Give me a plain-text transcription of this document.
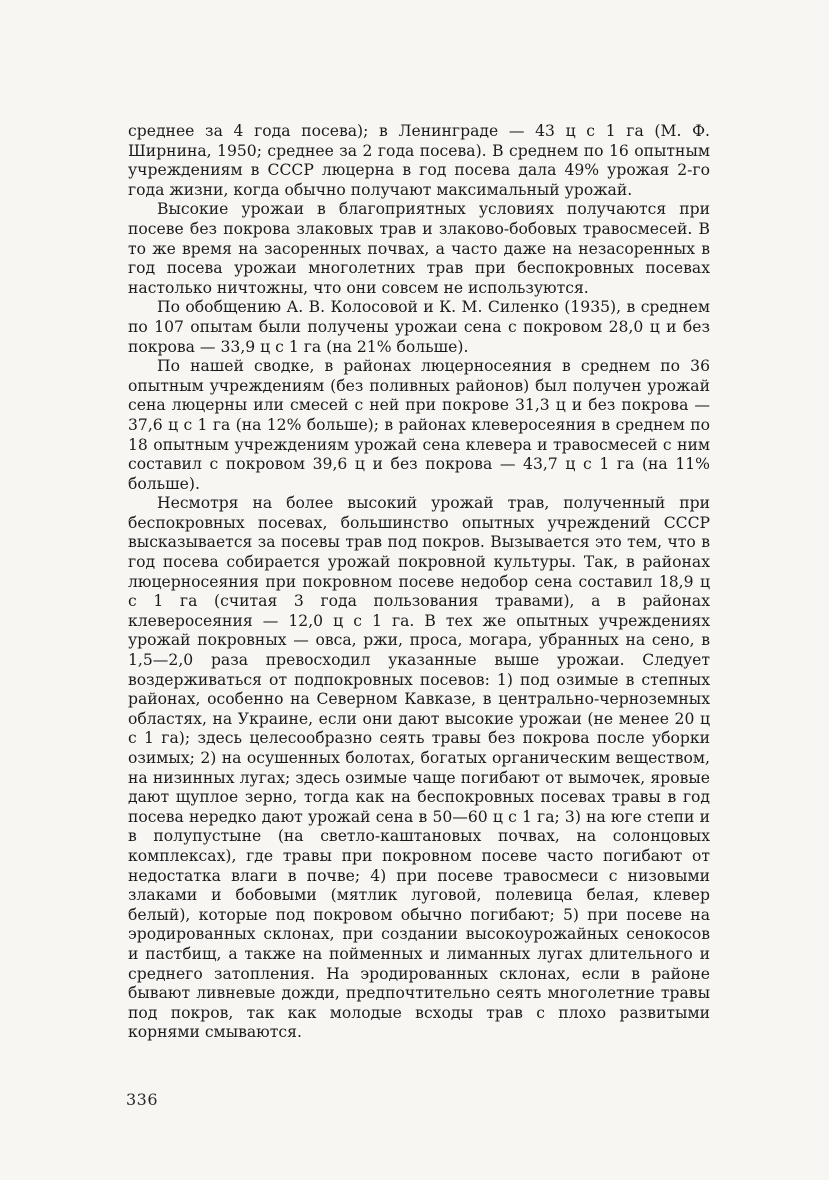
среднее за 4 года посева); в Ленинграде — 43 ц с 1 га (М. Ф. Ширнина, 1950; среднее за 2 года посева). В среднем по 16 опытным учреждениям в СССР люцерна в год посева дала 49% урожая 2-го года жизни, когда обычно получают максимальный урожай.

Высокие урожаи в благоприятных условиях получаются при посеве без покрова злаковых трав и злаково-бобовых травосмесей. В то же время на засоренных почвах, а часто даже на незасоренных в год посева урожаи многолетних трав при беспокровных посевах настолько ничтожны, что они совсем не используются.

По обобщению А. В. Колосовой и К. М. Силенко (1935), в среднем по 107 опытам были получены урожаи сена с покровом 28,0 ц и без покрова — 33,9 ц с 1 га (на 21% больше).

По нашей сводке, в районах люцерносеяния в среднем по 36 опытным учреждениям (без поливных районов) был получен урожай сена люцерны или смесей с ней при покрове 31,3 ц и без покрова — 37,6 ц с 1 га (на 12% больше); в районах клеверосеяния в среднем по 18 опытным учреждениям урожай сена клевера и травосмесей с ним составил с покровом 39,6 ц и без покрова — 43,7 ц с 1 га (на 11% больше).

Несмотря на более высокий урожай трав, полученный при беспокровных посевах, большинство опытных учреждений СССР высказывается за посевы трав под покров. Вызывается это тем, что в год посева собирается урожай покровной культуры. Так, в районах люцерносеяния при покровном посеве недобор сена составил 18,9 ц с 1 га (считая 3 года пользования травами), а в районах клеверосеяния — 12,0 ц с 1 га. В тех же опытных учреждениях урожай покровных — овса, ржи, проса, могара, убранных на сено, в 1,5—2,0 раза превосходил указанные выше урожаи. Следует воздерживаться от подпокровных посевов: 1) под озимые в степных районах, особенно на Северном Кавказе, в центрально-черноземных областях, на Украине, если они дают высокие урожаи (не менее 20 ц с 1 га); здесь целесообразно сеять травы без покрова после уборки озимых; 2) на осушенных болотах, богатых органическим веществом, на низинных лугах; здесь озимые чаще погибают от вымочек, яровые дают щуплое зерно, тогда как на беспокровных посевах травы в год посева нередко дают урожай сена в 50—60 ц с 1 га; 3) на юге степи и в полупустыне (на светло-каштановых почвах, на солонцовых комплексах), где травы при покровном посеве часто погибают от недостатка влаги в почве; 4) при посеве травосмеси с низовыми злаками и бобовыми (мятлик луговой, полевица белая, клевер белый), которые под покровом обычно погибают; 5) при посеве на эродированных склонах, при создании высокоурожайных сенокосов и пастбищ, а также на пойменных и лиманных лугах длительного и среднего затопления. На эродированных склонах, если в районе бывают ливневые дожди, предпочтительно сеять многолетние травы под покров, так как молодые всходы трав с плохо развитыми корнями смываются.

336
